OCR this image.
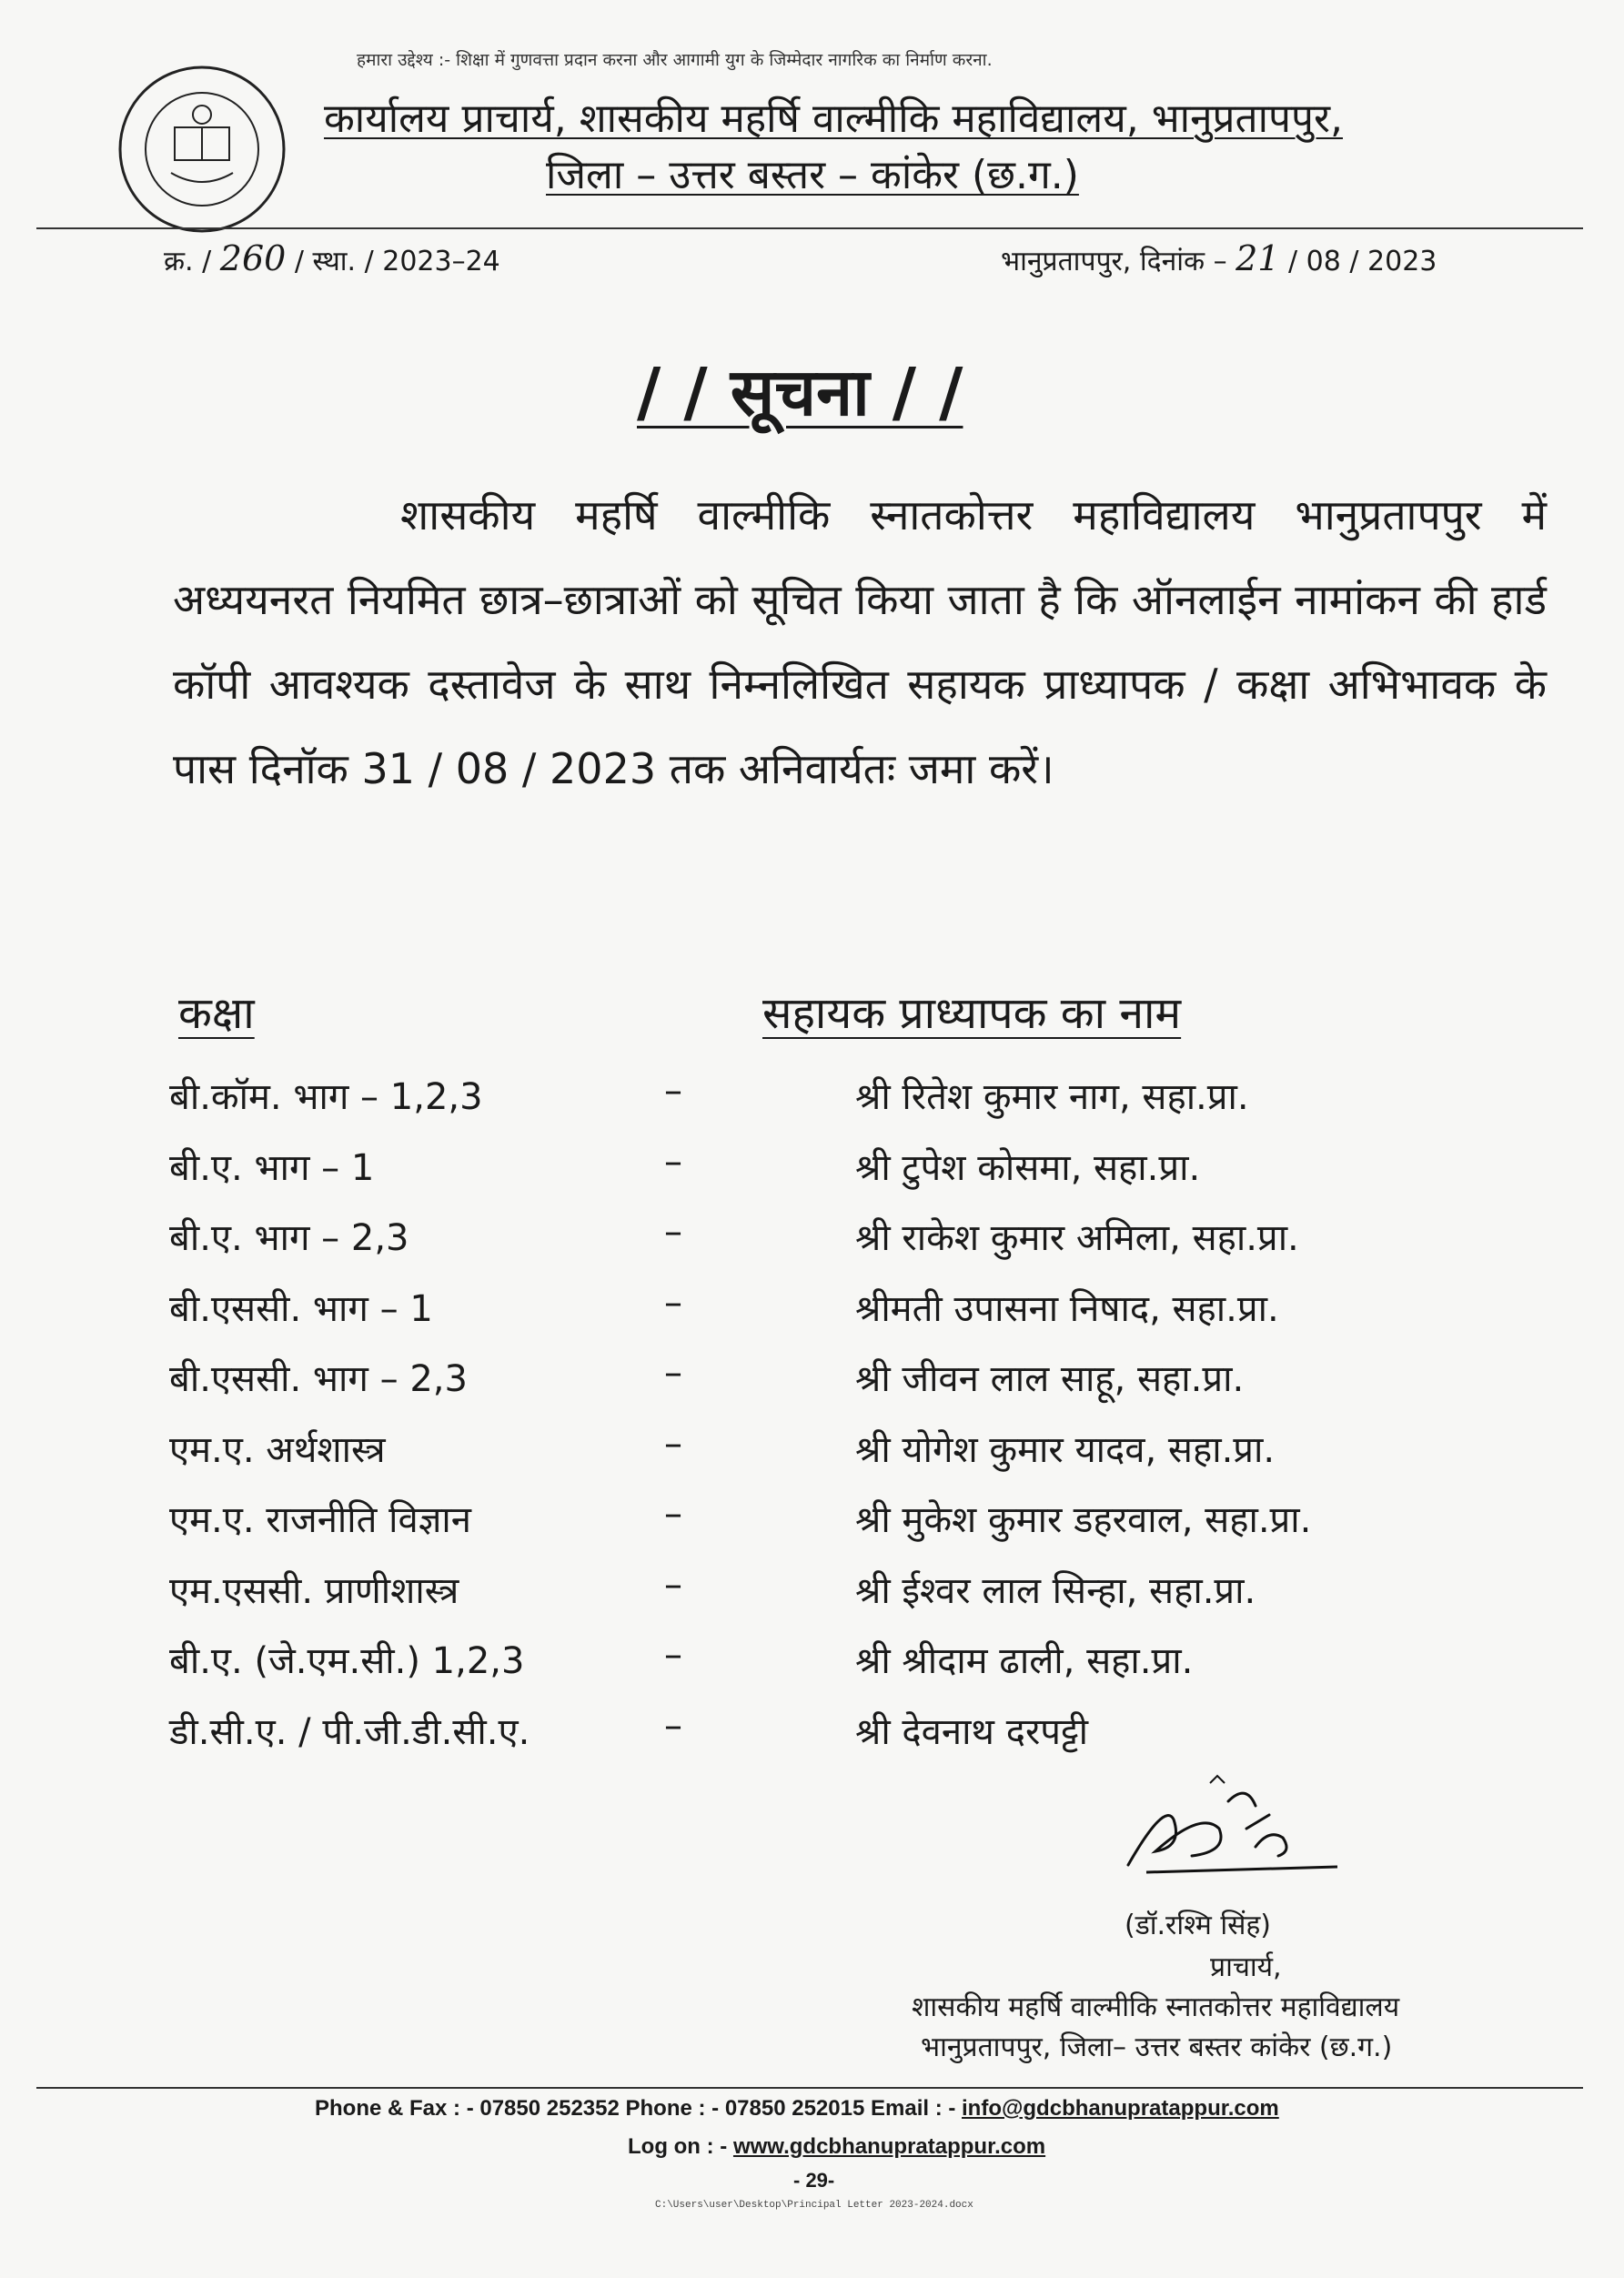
हमारा उद्देश्य :- शिक्षा में गुणवत्ता प्रदान करना और आगामी युग के जिम्मेदार नागरिक का निर्माण करना.
कार्यालय प्राचार्य, शासकीय महर्षि वाल्मीकि महाविद्यालय, भानुप्रतापपुर,
जिला – उत्तर बस्तर – कांकेर (छ.ग.)
क्र. / 260 / स्था. / 2023–24	भानुप्रतापपुर, दिनांक – 21 / 08 / 2023
/ / सूचना / /
शासकीय महर्षि वाल्मीकि स्नातकोत्तर महाविद्यालय भानुप्रतापपुर में अध्ययनरत नियमित छात्र–छात्राओं को सूचित किया जाता है कि ऑनलाईन नामांकन की हार्ड कॉपी आवश्यक दस्तावेज के साथ निम्नलिखित सहायक प्राध्यापक / कक्षा अभिभावक के पास दिनॉक 31 / 08 / 2023 तक अनिवार्यतः जमा करें।
कक्षा	सहायक प्राध्यापक का नाम
बी.कॉम. भाग – 1,2,3	–	श्री रितेश कुमार नाग, सहा.प्रा.
बी.ए. भाग – 1	–	श्री टुपेश कोसमा, सहा.प्रा.
बी.ए. भाग – 2,3	–	श्री राकेश कुमार अमिला, सहा.प्रा.
बी.एससी. भाग – 1	–	श्रीमती उपासना निषाद, सहा.प्रा.
बी.एससी. भाग – 2,3	–	श्री जीवन लाल साहू, सहा.प्रा.
एम.ए. अर्थशास्त्र	–	श्री योगेश कुमार यादव, सहा.प्रा.
एम.ए. राजनीति विज्ञान	–	श्री मुकेश कुमार डहरवाल, सहा.प्रा.
एम.एससी. प्राणीशास्त्र	–	श्री ईश्वर लाल सिन्हा, सहा.प्रा.
बी.ए. (जे.एम.सी.) 1,2,3	–	श्री श्रीदाम ढाली, सहा.प्रा.
डी.सी.ए. / पी.जी.डी.सी.ए.	–	श्री देवनाथ दरपट्टी
(डॉ.रश्मि सिंह)
प्राचार्य,
शासकीय महर्षि वाल्मीकि स्नातकोत्तर महाविद्यालय
भानुप्रतापपुर, जिला– उत्तर बस्तर कांकेर (छ.ग.)
Phone & Fax : - 07850 252352 Phone : - 07850 252015 Email : - info@gdcbhanupratappur.com
Log on : - www.gdcbhanupratappur.com
- 29-
C:\Users\user\Desktop\Principal Letter 2023-2024.docx
